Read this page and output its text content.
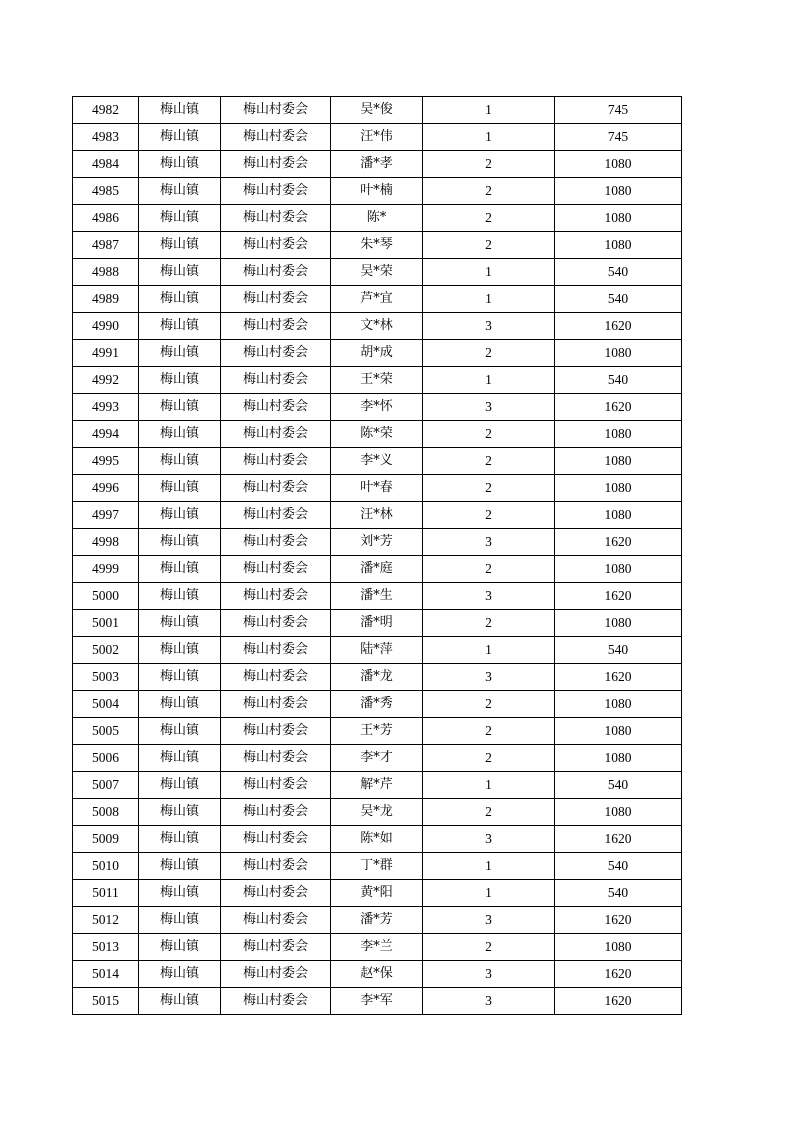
4982	梅山镇	梅山村委会	吴*俊	1	745
4983	梅山镇	梅山村委会	汪*伟	1	745
4984	梅山镇	梅山村委会	潘*孝	2	1080
4985	梅山镇	梅山村委会	叶*楠	2	1080
4986	梅山镇	梅山村委会	陈*	2	1080
4987	梅山镇	梅山村委会	朱*琴	2	1080
4988	梅山镇	梅山村委会	吴*荣	1	540
4989	梅山镇	梅山村委会	芦*宜	1	540
4990	梅山镇	梅山村委会	文*林	3	1620
4991	梅山镇	梅山村委会	胡*成	2	1080
4992	梅山镇	梅山村委会	王*荣	1	540
4993	梅山镇	梅山村委会	李*怀	3	1620
4994	梅山镇	梅山村委会	陈*荣	2	1080
4995	梅山镇	梅山村委会	李*义	2	1080
4996	梅山镇	梅山村委会	叶*春	2	1080
4997	梅山镇	梅山村委会	汪*林	2	1080
4998	梅山镇	梅山村委会	刘*芳	3	1620
4999	梅山镇	梅山村委会	潘*庭	2	1080
5000	梅山镇	梅山村委会	潘*生	3	1620
5001	梅山镇	梅山村委会	潘*明	2	1080
5002	梅山镇	梅山村委会	陆*萍	1	540
5003	梅山镇	梅山村委会	潘*龙	3	1620
5004	梅山镇	梅山村委会	潘*秀	2	1080
5005	梅山镇	梅山村委会	王*芳	2	1080
5006	梅山镇	梅山村委会	李*才	2	1080
5007	梅山镇	梅山村委会	解*芹	1	540
5008	梅山镇	梅山村委会	吴*龙	2	1080
5009	梅山镇	梅山村委会	陈*如	3	1620
5010	梅山镇	梅山村委会	丁*群	1	540
5011	梅山镇	梅山村委会	黄*阳	1	540
5012	梅山镇	梅山村委会	潘*芳	3	1620
5013	梅山镇	梅山村委会	李*兰	2	1080
5014	梅山镇	梅山村委会	赵*保	3	1620
5015	梅山镇	梅山村委会	李*军	3	1620
